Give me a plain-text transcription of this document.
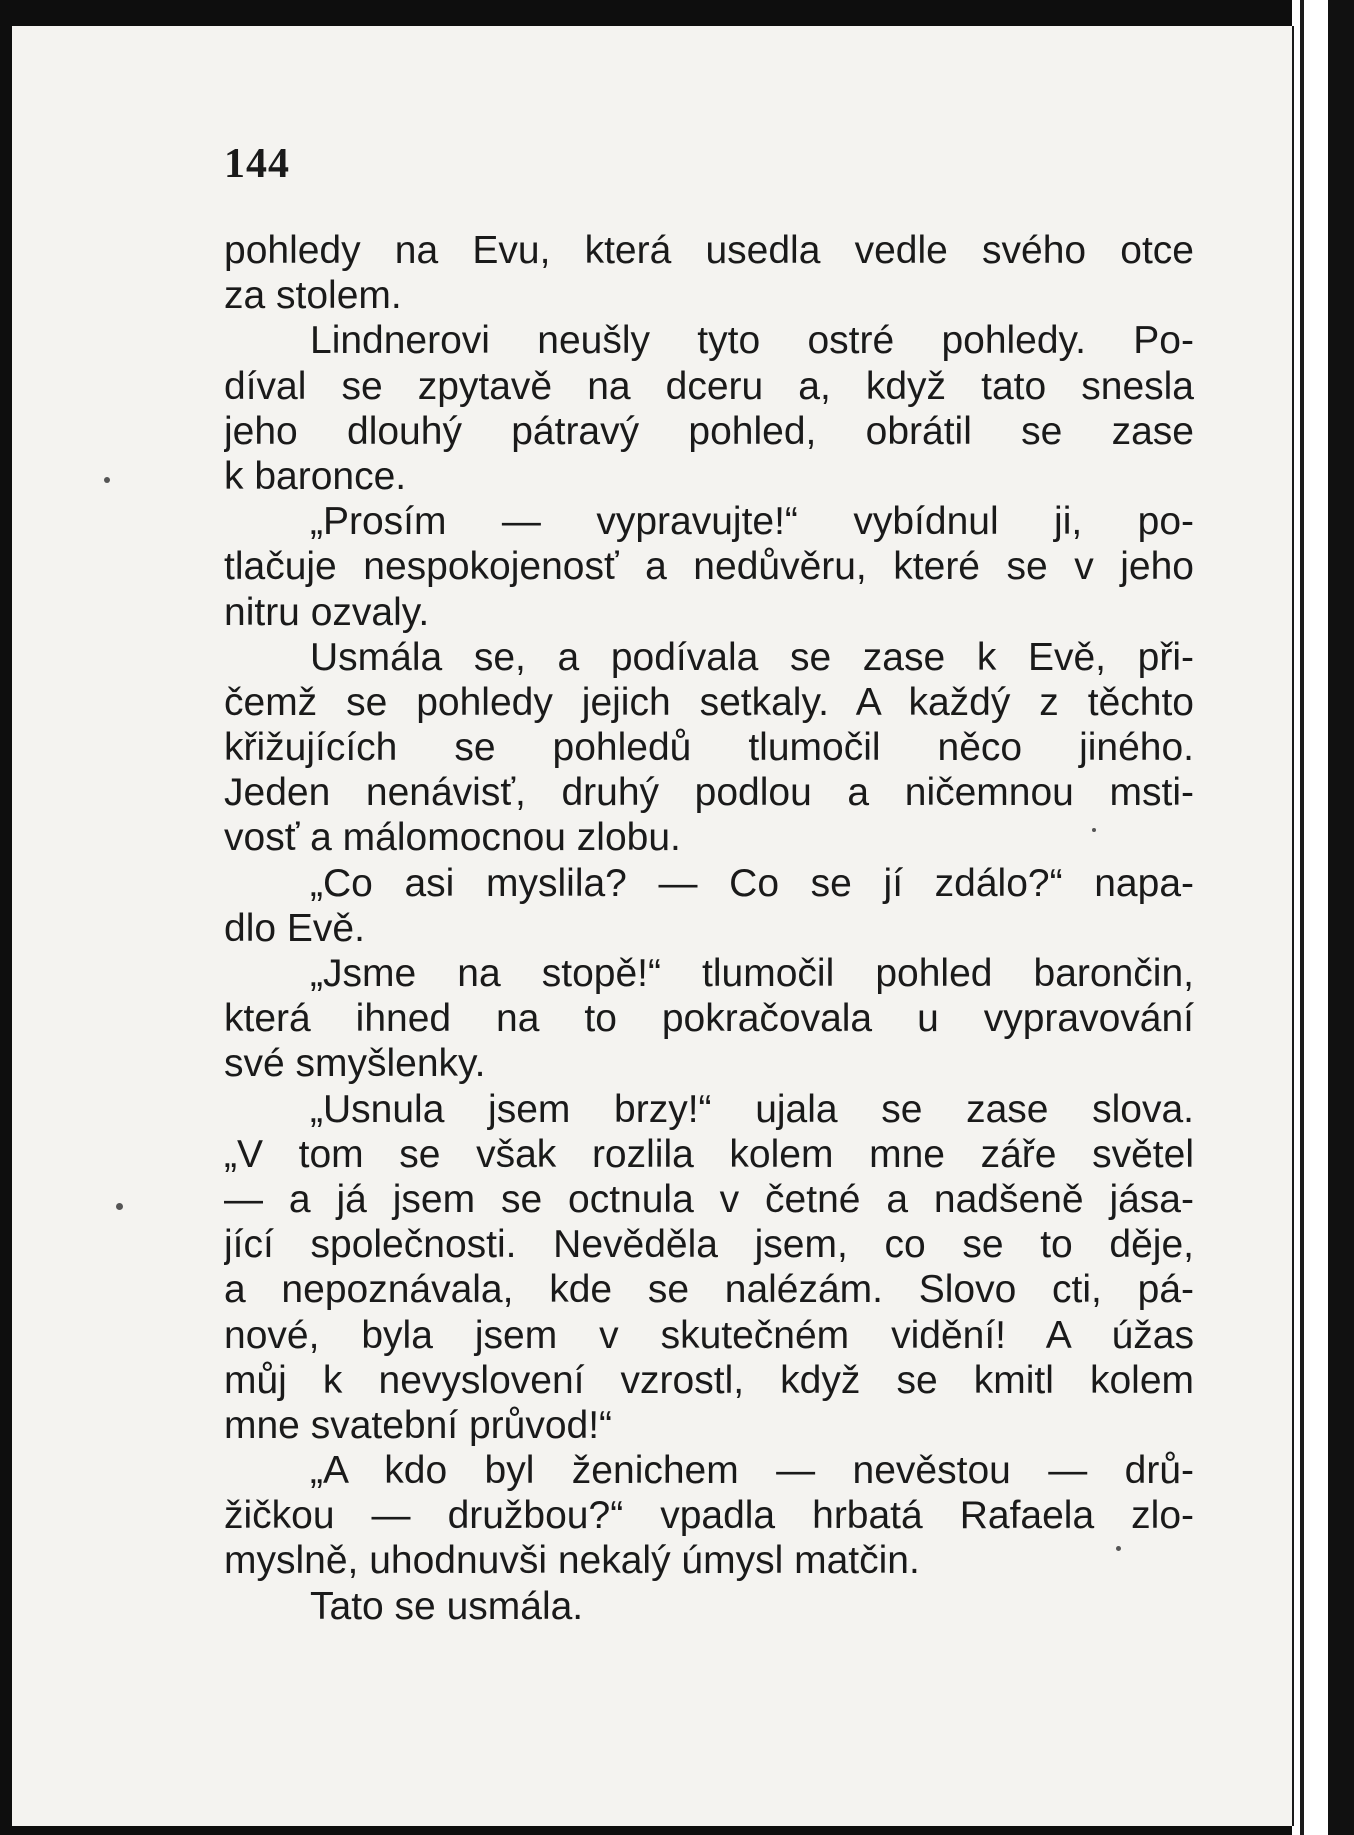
144
pohledy na Evu, která usedla vedle svého otce
za stolem.
Lindnerovi neušly tyto ostré pohledy. Po-
díval se zpytavě na dceru a, když tato snesla
jeho dlouhý pátravý pohled, obrátil se zase
k baronce.
„Prosím — vypravujte!“ vybídnul ji, po-
tlačuje nespokojenosť a nedůvěru, které se v jeho
nitru ozvaly.
Usmála se, a podívala se zase k Evě, při-
čemž se pohledy jejich setkaly. A každý z těchto
křižujících se pohledů tlumočil něco jiného.
Jeden nenávisť, druhý podlou a ničemnou msti-
vosť a málomocnou zlobu.
„Co asi myslila? — Co se jí zdálo?“ napa-
dlo Evě.
„Jsme na stopě!“ tlumočil pohled barončin,
která ihned na to pokračovala u vypravování
své smyšlenky.
„Usnula jsem brzy!“ ujala se zase slova.
„V tom se však rozlila kolem mne záře světel
— a já jsem se octnula v četné a nadšeně jása-
jící společnosti. Nevěděla jsem, co se to děje,
a nepoznávala, kde se nalézám. Slovo cti, pá-
nové, byla jsem v skutečném vidění! A úžas
můj k nevyslovení vzrostl, když se kmitl kolem
mne svatební průvod!“
„A kdo byl ženichem — nevěstou — drů-
žičkou — družbou?“ vpadla hrbatá Rafaela zlo-
myslně, uhodnuvši nekalý úmysl matčin.
Tato se usmála.
